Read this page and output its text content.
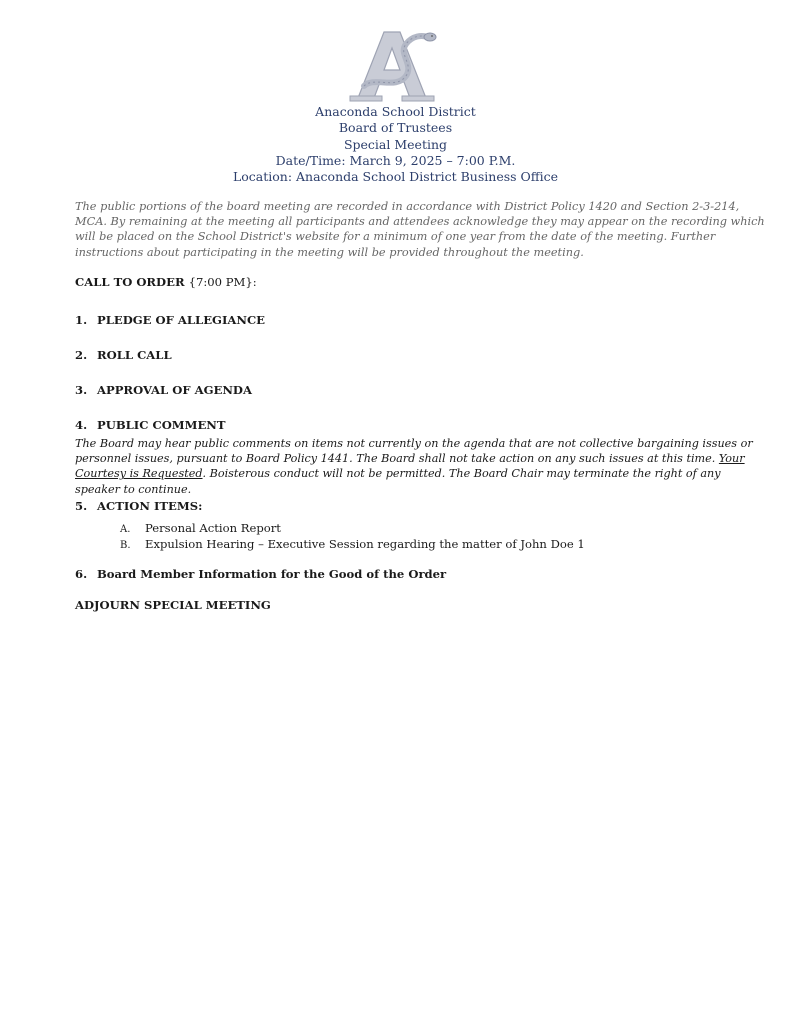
Anaconda School District
Board of Trustees
Special Meeting
Date/Time: March 9, 2025 – 7:00 P.M.
Location: Anaconda School District Business Office
The public portions of the board meeting are recorded in accordance with District Policy 1420 and Section 2-3-214, MCA. By remaining at the meeting all participants and attendees acknowledge they may appear on the recording which will be placed on the School District's website for a minimum of one year from the date of the meeting. Further instructions about participating in the meeting will be provided throughout the meeting.
CALL TO ORDER {7:00 PM}:
1. PLEDGE OF ALLEGIANCE
2. ROLL CALL
3. APPROVAL OF AGENDA
4. PUBLIC COMMENT
The Board may hear public comments on items not currently on the agenda that are not collective bargaining issues or personnel issues, pursuant to Board Policy 1441. The Board shall not take action on any such issues at this time. Your Courtesy is Requested. Boisterous conduct will not be permitted. The Board Chair may terminate the right of any speaker to continue.
5. ACTION ITEMS:
A. Personal Action Report
B. Expulsion Hearing – Executive Session regarding the matter of John Doe 1
6. Board Member Information for the Good of the Order
ADJOURN SPECIAL MEETING
